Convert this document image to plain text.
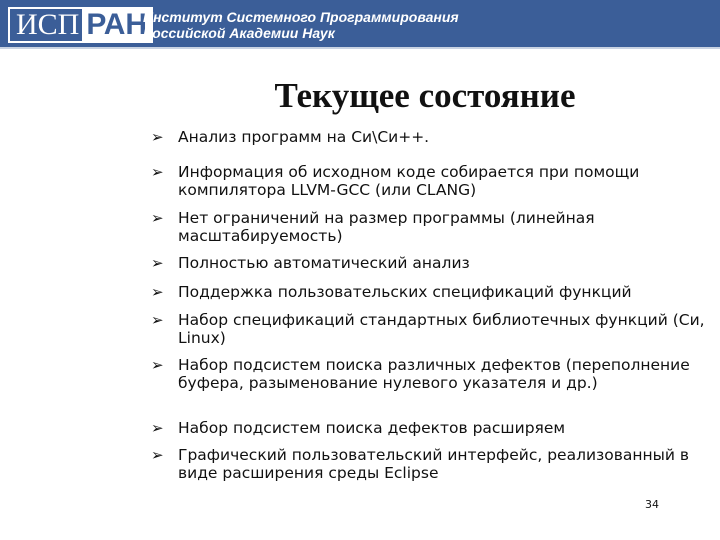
ИСП РАН
Институт Системного Программирования
Российской Академии Наук
Текущее состояние
➢ Анализ программ на Си\Си++.
➢ Информация об исходном коде собирается при помощи компилятора LLVM-GCC (или CLANG)
➢ Нет ограничений на размер программы (линейная масштабируемость)
➢ Полностью автоматический анализ
➢ Поддержка пользовательских спецификаций функций
➢ Набор спецификаций стандартных библиотечных функций (Си, Linux)
➢ Набор подсистем поиска различных дефектов (переполнение буфера, разыменование нулевого указателя и др.)
➢ Набор подсистем поиска дефектов расширяем
➢ Графический пользовательский интерфейс, реализованный в виде расширения среды Eclipse
34
